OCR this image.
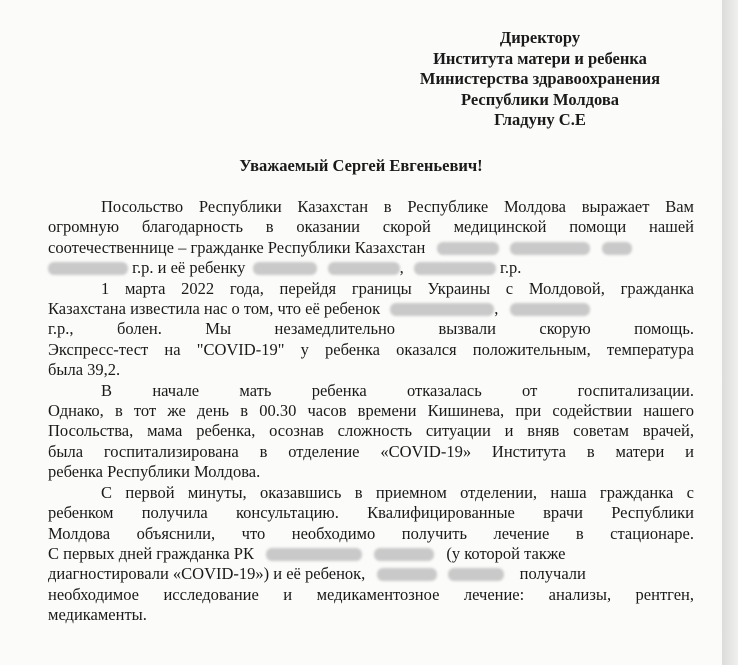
Директору
Института матери и ребенка
Министерства здравоохранения
Республики Молдова
Гладуну С.Е
Уважаемый Сергей Евгеньевич!
Посольство Республики Казахстан в Республике Молдова выражает Вам
огромную благодарность в оказании скорой медицинской помощи нашей
соотечественнице – гражданке Республики Казахстан
г.р. и её ребенку	,	г.р.
1 марта 2022 года, перейдя границы Украины с Молдовой, гражданка
Казахстана известила нас о том, что её ребенок	,
г.р., болен. Мы незамедлительно вызвали скорую помощь.
Экспресс-тест на "COVID-19" у ребенка оказался положительным, температура
была 39,2.
В начале мать ребенка отказалась от госпитализации.
Однако, в тот же день в 00.30 часов времени Кишинева, при содействии нашего
Посольства, мама ребенка, осознав сложность ситуации и вняв советам врачей,
была госпитализирована в отделение «COVID-19» Института в матери и
ребенка Республики Молдова.
С первой минуты, оказавшись в приемном отделении, наша гражданка с
ребенком получила консультацию. Квалифицированные врачи Республики
Молдова объяснили, что необходимо получить лечение в стационаре.
С первых дней гражданка РК	(у которой также
диагностировали «COVID-19») и её ребенок,	получали
необходимое исследование и медикаментозное лечение: анализы, рентген,
медикаменты.
